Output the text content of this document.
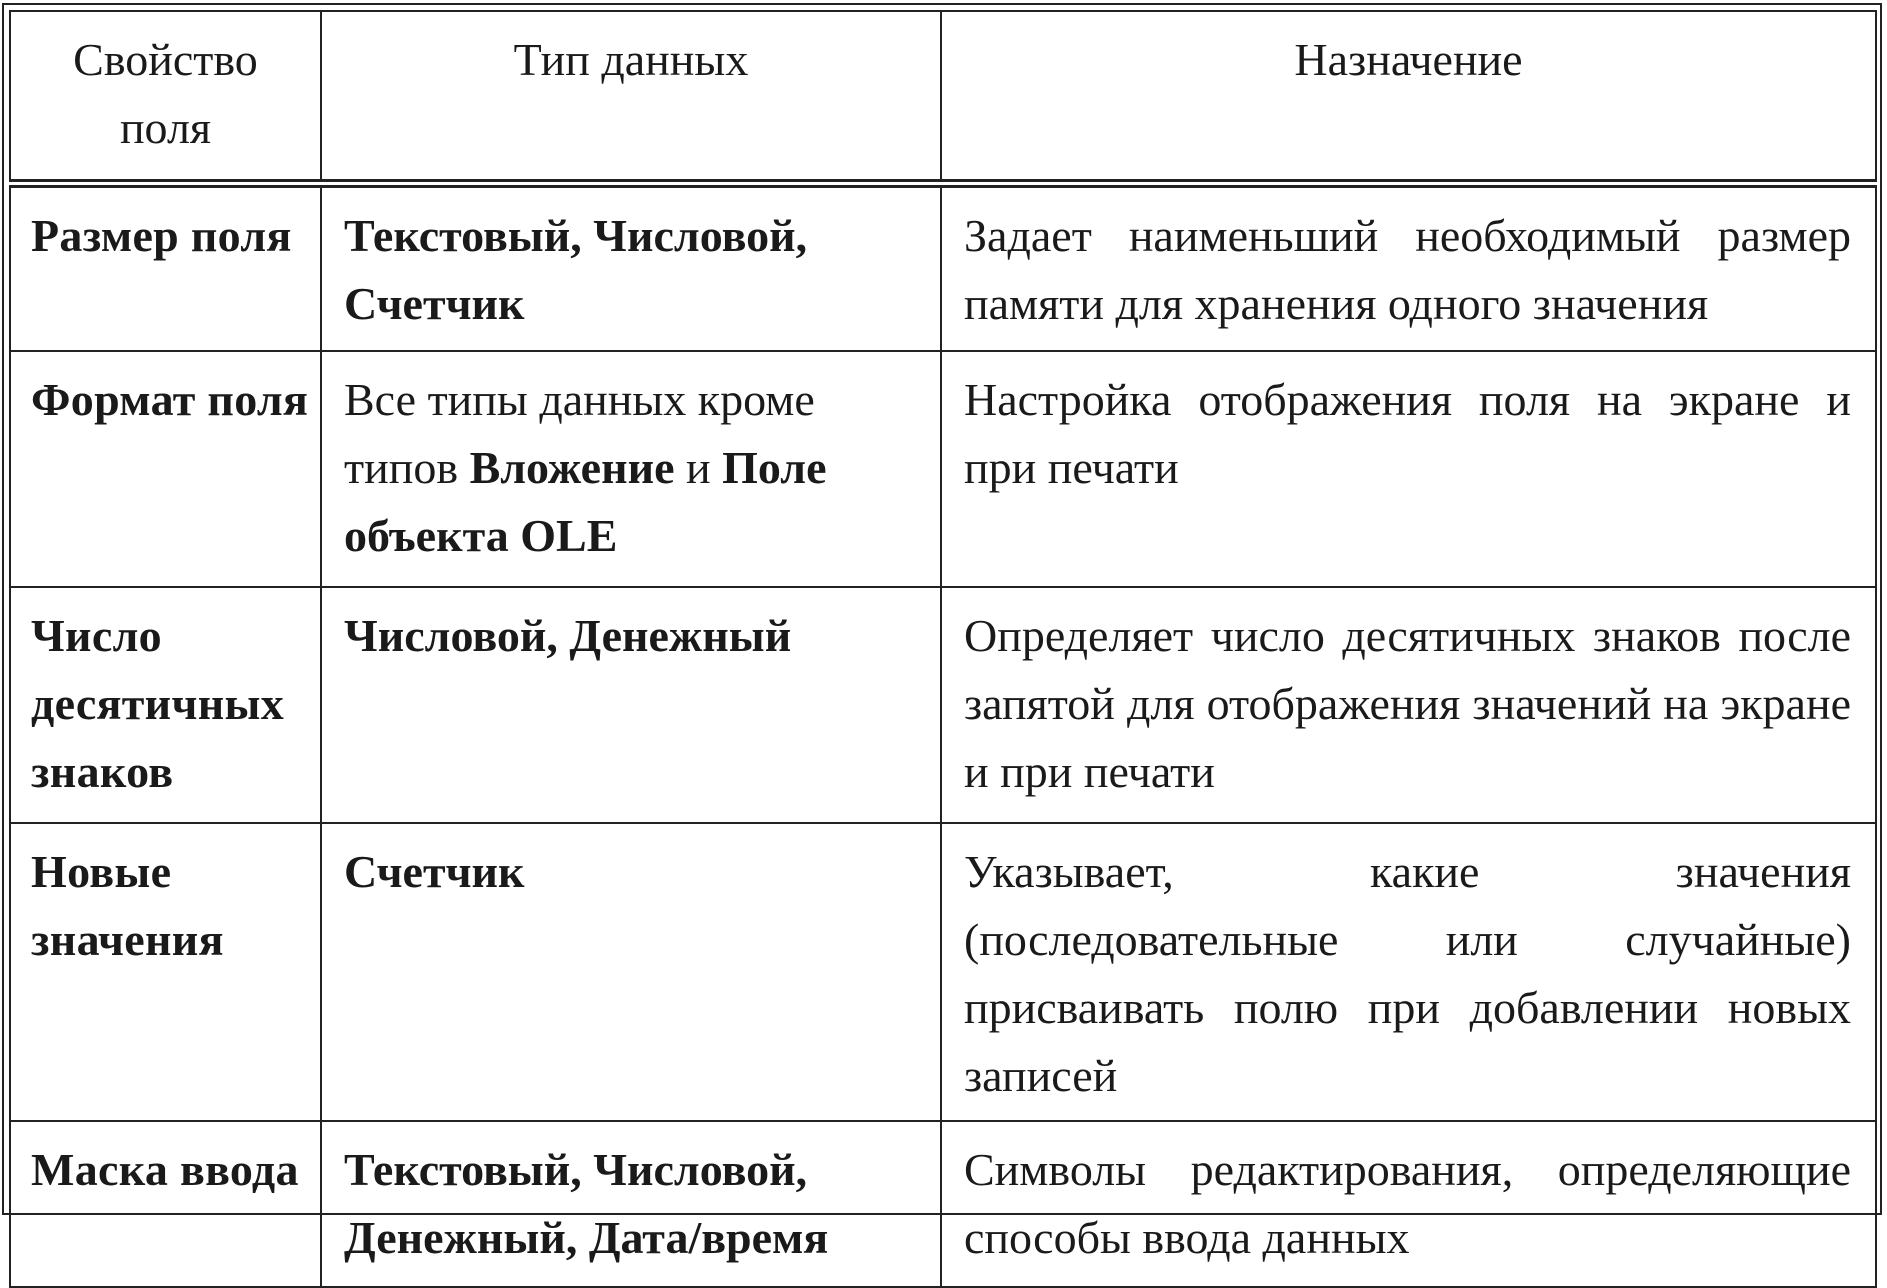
Свойство поля	Тип данных	Назначение
Размер поля	Текстовый, Числовой, Счетчик	Задает наименьший необходимый размер памяти для хранения одного значения
Формат поля	Все типы данных кроме типов Вложение и Поле объекта OLE	Настройка отображения поля на экране и при печати
Число десятичных знаков	Числовой, Денежный	Определяет число десятичных знаков после запятой для отображения значений на экране и при печати
Новые значения	Счетчик	Указывает, какие значения (последовательные или случайные) присваивать полю при добавлении новых записей
Маска ввода	Текстовый, Числовой, Денежный, Дата/время	Символы редактирования, определяющие способы ввода данных
